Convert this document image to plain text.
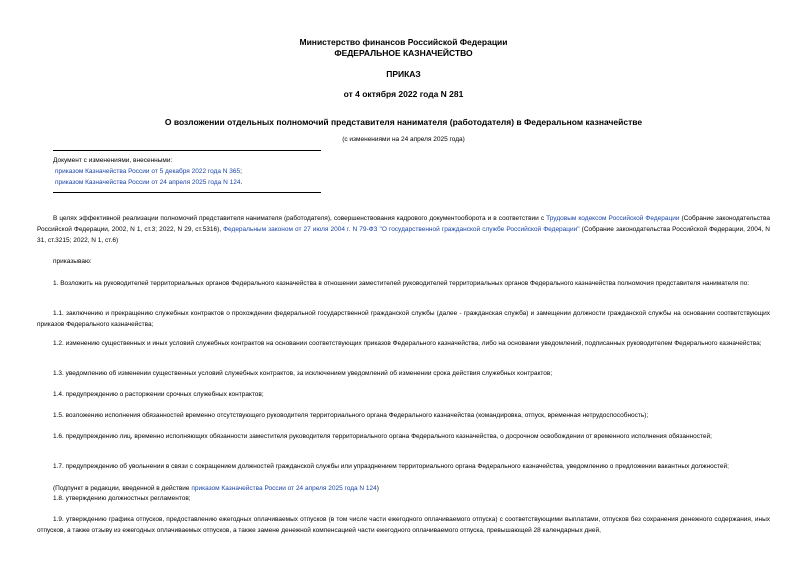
Министерство финансов Российской Федерации
ФЕДЕРАЛЬНОЕ КАЗНАЧЕЙСТВО
ПРИКАЗ
от 4 октября 2022 года N 281
О возложении отдельных полномочий представителя нанимателя (работодателя) в Федеральном казначействе
(с изменениями на 24 апреля 2025 года)
Документ с изменениями, внесенными:
приказом Казначейства России от 5 декабря 2022 года N 365;
приказом Казначейства России от 24 апреля 2025 года N 124.
В целях эффективной реализации полномочий представителя нанимателя (работодателя), совершенствования кадрового документооборота и в соответствии с Трудовым кодексом Российской Федерации (Собрание законодательства Российской Федерации, 2002, N 1, ст.3; 2022, N 29, ст.5316), Федеральным законом от 27 июля 2004 г. N 79-ФЗ "О государственной гражданской службе Российской Федерации" (Собрание законодательства Российской Федерации, 2004, N 31, ст.3215; 2022, N 1, ст.6)
приказываю:
1. Возложить на руководителей территориальных органов Федерального казначейства в отношении заместителей руководителей территориальных органов Федерального казначейства полномочия представителя нанимателя по:
1.1. заключению и прекращению служебных контрактов о прохождении федеральной государственной гражданской службы (далее - гражданская служба) и замещении должности гражданской службы на основании соответствующих приказов Федерального казначейства;
1.2. изменению существенных и иных условий служебных контрактов на основании соответствующих приказов Федерального казначейства, либо на основании уведомлений, подписанных руководителем Федерального казначейства;
1.3. уведомлению об изменении существенных условий служебных контрактов, за исключением уведомлений об изменении срока действия служебных контрактов;
1.4. предупреждению о расторжении срочных служебных контрактов;
1.5. возложению исполнения обязанностей временно отсутствующего руководителя территориального органа Федерального казначейства (командировка, отпуск, временная нетрудоспособность);
1.6. предупреждению лиц, временно исполняющих обязанности заместителя руководителя территориального органа Федерального казначейства, о досрочном освобождении от временного исполнения обязанностей;
1.7. предупреждению об увольнении в связи с сокращением должностей гражданской службы или упразднением территориального органа Федерального казначейства, уведомлению о предложении вакантных должностей;
(Подпункт в редакции, введенной в действие приказом Казначейства России от 24 апреля 2025 года N 124)
1.8. утверждению должностных регламентов;
1.9. утверждению графика отпусков, предоставлению ежегодных оплачиваемых отпусков (в том числе части ежегодного оплачиваемого отпуска) с соответствующими выплатами, отпусков без сохранения денежного содержания, иных отпусков, а также отзыву из ежегодных оплачиваемых отпусков, а также замене денежной компенсацией части ежегодного оплачиваемого отпуска, превышающей 28 календарных дней,
